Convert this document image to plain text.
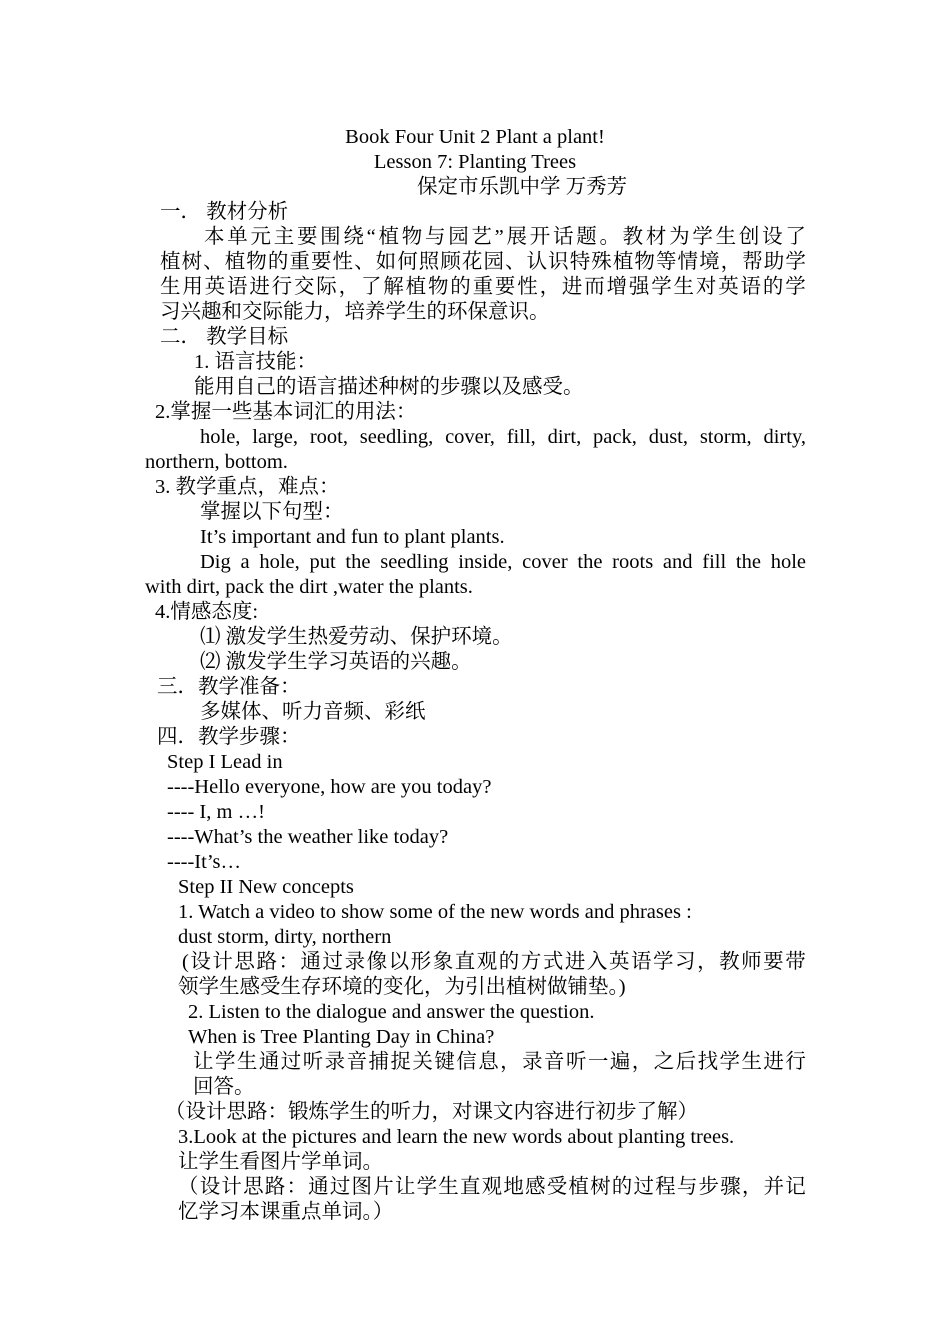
Book Four Unit 2 Plant a plant!
Lesson 7: Planting Trees
保定市乐凯中学 万秀芳
一． 教材分析
本 单 元 主 要 围 绕 “ 植 物 与 园 艺 ” 展 开 话 题 。 教 材 为 学 生 创 设 了
植 树 、 植 物 的 重 要 性 、 如 何 照 顾 花 园 、 认 识 特 殊 植 物 等 情 境 ， 帮 助 学
生 用 英 语 进 行 交 际 ， 了 解 植 物 的 重 要 性 ， 进 而 增 强 学 生 对 英 语 的 学
习兴趣和交际能力，培养学生的环保意识。
二． 教学目标
1. 语言技能：
能用自己的语言描述种树的步骤以及感受。
2.掌握一些基本词汇的用法：
hole, large, root, seedling, cover, fill, dirt, pack, dust, storm, dirty,
northern, bottom.
3. 教学重点，难点：
掌握以下句型：
It’s important and fun to plant plants.
Dig a hole, put the seedling inside, cover the roots and fill the hole
with dirt, pack the dirt ,water the plants.
4.情感态度:
⑴ 激发学生热爱劳动、保护环境。
⑵ 激发学生学习英语的兴趣。
三．教学准备：
多媒体、听力音频、彩纸
四．教学步骤：
Step I Lead in
----Hello everyone, how are you today?
---- I, m …!
----What’s the weather like today?
----It’s…
Step II New concepts
1. Watch a video to show some of the new words and phrases :
dust storm, dirty, northern
( 设 计 思 路 ： 通 过 录 像 以 形 象 直 观 的 方 式 进 入 英 语 学 习 ， 教 师 要 带
领学生感受生存环境的变化，为引出植树做铺垫。)
2. Listen to the dialogue and answer the question.
When is Tree Planting Day in China?
让 学 生 通 过 听 录 音 捕 捉 关 键 信 息 ， 录 音 听 一 遍 ， 之 后 找 学 生 进 行
回答。
（设计思路：锻炼学生的听力，对课文内容进行初步了解）
3.Look at the pictures and learn the new words about planting trees.
让学生看图片学单词。
（ 设 计 思 路 ： 通 过 图 片 让 学 生 直 观 地 感 受 植 树 的 过 程 与 步 骤 ， 并 记
忆学习本课重点单词。）
